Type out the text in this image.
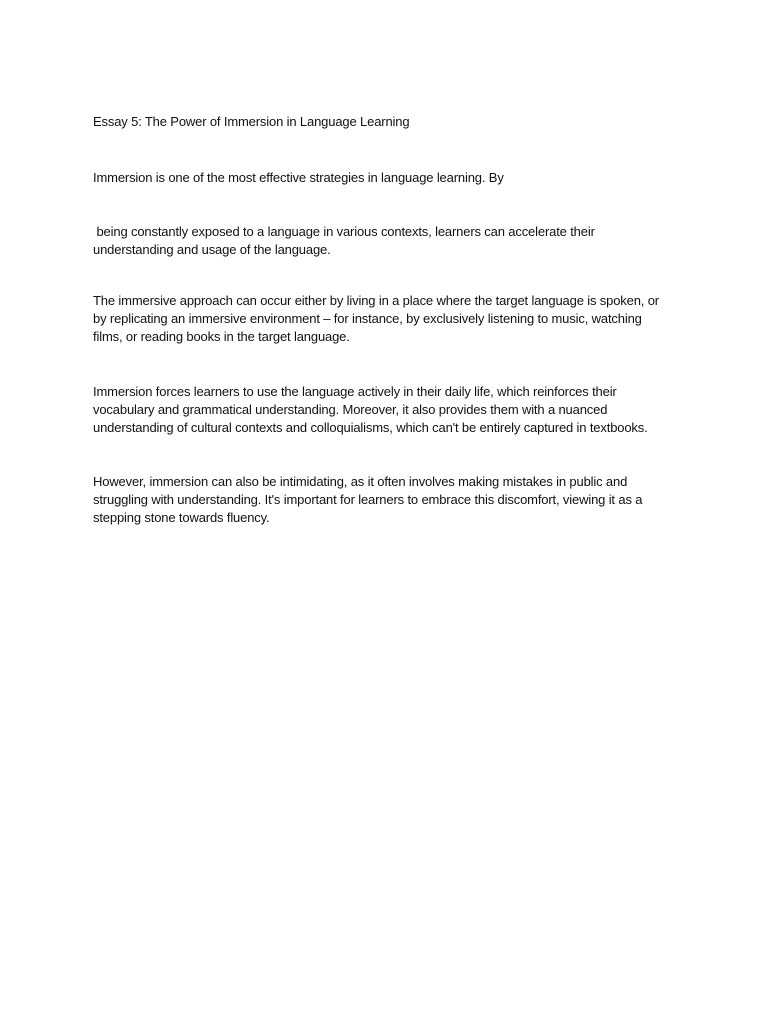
Essay 5: The Power of Immersion in Language Learning
Immersion is one of the most effective strategies in language learning. By
being constantly exposed to a language in various contexts, learners can accelerate their
understanding and usage of the language.
The immersive approach can occur either by living in a place where the target language is spoken, or
by replicating an immersive environment – for instance, by exclusively listening to music, watching
films, or reading books in the target language.
Immersion forces learners to use the language actively in their daily life, which reinforces their
vocabulary and grammatical understanding. Moreover, it also provides them with a nuanced
understanding of cultural contexts and colloquialisms, which can't be entirely captured in textbooks.
However, immersion can also be intimidating, as it often involves making mistakes in public and
struggling with understanding. It's important for learners to embrace this discomfort, viewing it as a
stepping stone towards fluency.
